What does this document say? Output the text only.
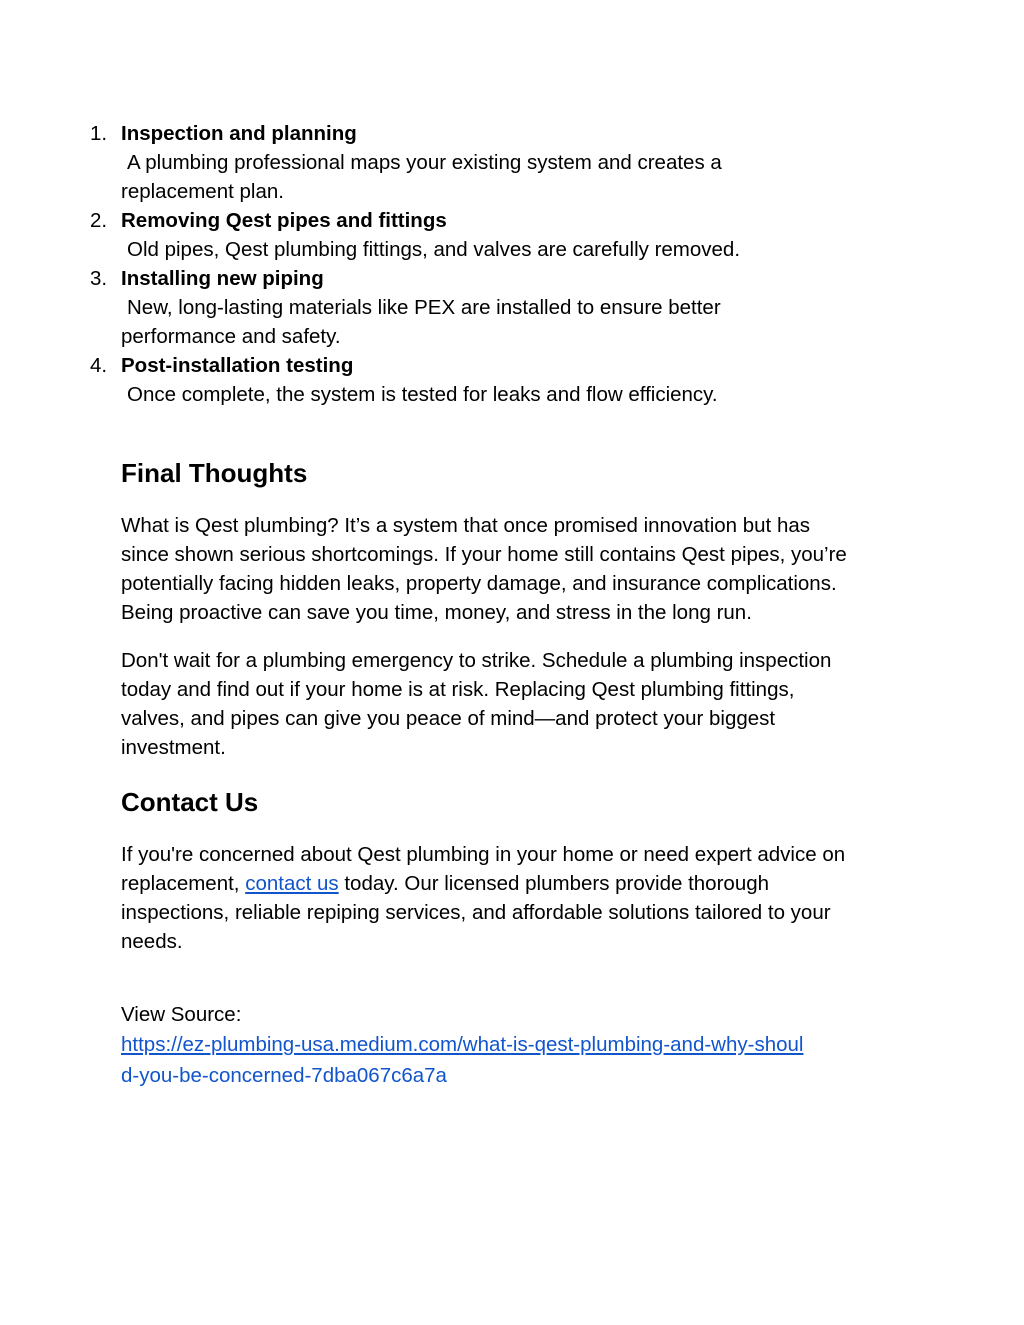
1. Inspection and planning
A plumbing professional maps your existing system and creates a
replacement plan.
2. Removing Qest pipes and fittings
Old pipes, Qest plumbing fittings, and valves are carefully removed.
3. Installing new piping
New, long-lasting materials like PEX are installed to ensure better
performance and safety.
4. Post-installation testing
Once complete, the system is tested for leaks and flow efficiency.
Final Thoughts
What is Qest plumbing? It’s a system that once promised innovation but has
since shown serious shortcomings. If your home still contains Qest pipes, you’re
potentially facing hidden leaks, property damage, and insurance complications.
Being proactive can save you time, money, and stress in the long run.
Don't wait for a plumbing emergency to strike. Schedule a plumbing inspection
today and find out if your home is at risk. Replacing Qest plumbing fittings,
valves, and pipes can give you peace of mind—and protect your biggest
investment.
Contact Us
If you're concerned about Qest plumbing in your home or need expert advice on
replacement, contact us today. Our licensed plumbers provide thorough
inspections, reliable repiping services, and affordable solutions tailored to your
needs.
View Source:
https://ez-plumbing-usa.medium.com/what-is-qest-plumbing-and-why-shoul
d-you-be-concerned-7dba067c6a7a
